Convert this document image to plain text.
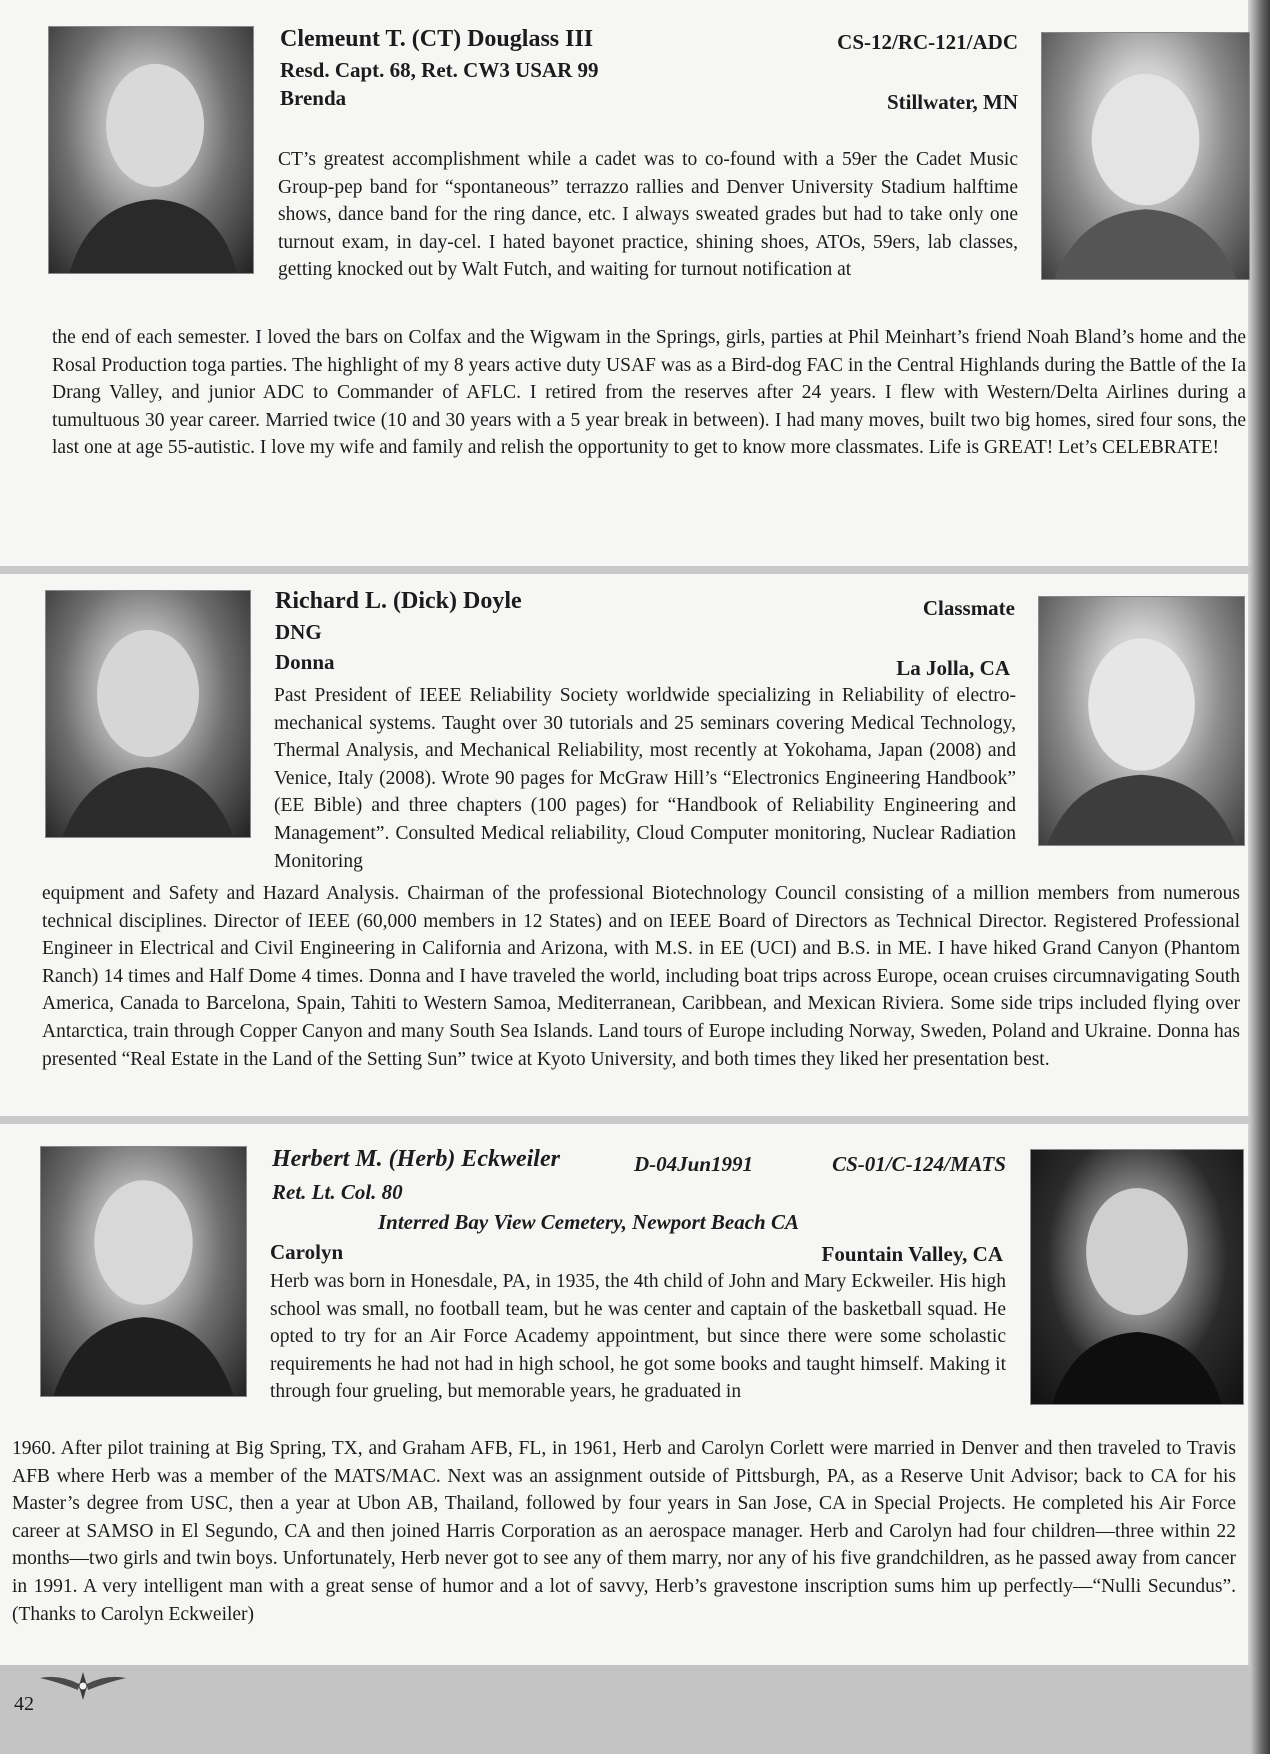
Clemeunt T. (CT) Douglass III	CS-12/RC-121/ADC
Resd. Capt. 68, Ret. CW3 USAR 99
Brenda	Stillwater, MN
CT’s greatest accomplishment while a cadet was to co-found with a 59er the Cadet Music Group-pep band for “spontaneous” terrazzo rallies and Denver University Stadium halftime shows, dance band for the ring dance, etc. I always sweated grades but had to take only one turnout exam, in day-cel. I hated bayonet practice, shining shoes, ATOs, 59ers, lab classes, getting knocked out by Walt Futch, and waiting for turnout notification at
the end of each semester. I loved the bars on Colfax and the Wigwam in the Springs, girls, parties at Phil Meinhart’s friend Noah Bland’s home and the Rosal Production toga parties. The highlight of my 8 years active duty USAF was as a Bird-dog FAC in the Central Highlands during the Battle of the Ia Drang Valley, and junior ADC to Commander of AFLC. I retired from the reserves after 24 years. I flew with Western/Delta Airlines during a tumultuous 30 year career. Married twice (10 and 30 years with a 5 year break in between). I had many moves, built two big homes, sired four sons, the last one at age 55-autistic. I love my wife and family and relish the opportunity to get to know more classmates. Life is GREAT! Let’s CELEBRATE!
Richard L. (Dick) Doyle	Classmate
DNG
Donna	La Jolla, CA
Past President of IEEE Reliability Society worldwide specializing in Reliability of electro-mechanical systems. Taught over 30 tutorials and 25 seminars covering Medical Technology, Thermal Analysis, and Mechanical Reliability, most recently at Yokohama, Japan (2008) and Venice, Italy (2008). Wrote 90 pages for McGraw Hill’s “Electronics Engineering Handbook” (EE Bible) and three chapters (100 pages) for “Handbook of Reliability Engineering and Management”. Consulted Medical reliability, Cloud Computer monitoring, Nuclear Radiation Monitoring
equipment and Safety and Hazard Analysis. Chairman of the professional Biotechnology Council consisting of a million members from numerous technical disciplines. Director of IEEE (60,000 members in 12 States) and on IEEE Board of Directors as Technical Director. Registered Professional Engineer in Electrical and Civil Engineering in California and Arizona, with M.S. in EE (UCI) and B.S. in ME. I have hiked Grand Canyon (Phantom Ranch) 14 times and Half Dome 4 times. Donna and I have traveled the world, including boat trips across Europe, ocean cruises circumnavigating South America, Canada to Barcelona, Spain, Tahiti to Western Samoa, Mediterranean, Caribbean, and Mexican Riviera. Some side trips included flying over Antarctica, train through Copper Canyon and many South Sea Islands. Land tours of Europe including Norway, Sweden, Poland and Ukraine. Donna has presented “Real Estate in the Land of the Setting Sun” twice at Kyoto University, and both times they liked her presentation best.
Herbert M. (Herb) Eckweiler	D-04Jun1991	CS-01/C-124/MATS
Ret. Lt. Col. 80
Interred Bay View Cemetery, Newport Beach CA
Carolyn	Fountain Valley, CA
Herb was born in Honesdale, PA, in 1935, the 4th child of John and Mary Eckweiler. His high school was small, no football team, but he was center and captain of the basketball squad. He opted to try for an Air Force Academy appointment, but since there were some scholastic requirements he had not had in high school, he got some books and taught himself. Making it through four grueling, but memorable years, he graduated in
1960. After pilot training at Big Spring, TX, and Graham AFB, FL, in 1961, Herb and Carolyn Corlett were married in Denver and then traveled to Travis AFB where Herb was a member of the MATS/MAC. Next was an assignment outside of Pittsburgh, PA, as a Reserve Unit Advisor; back to CA for his Master’s degree from USC, then a year at Ubon AB, Thailand, followed by four years in San Jose, CA in Special Projects. He completed his Air Force career at SAMSO in El Segundo, CA and then joined Harris Corporation as an aerospace manager. Herb and Carolyn had four children—three within 22 months—two girls and twin boys. Unfortunately, Herb never got to see any of them marry, nor any of his five grandchildren, as he passed away from cancer in 1991. A very intelligent man with a great sense of humor and a lot of savvy, Herb’s gravestone inscription sums him up perfectly—“Nulli Secundus”. (Thanks to Carolyn Eckweiler)
42
